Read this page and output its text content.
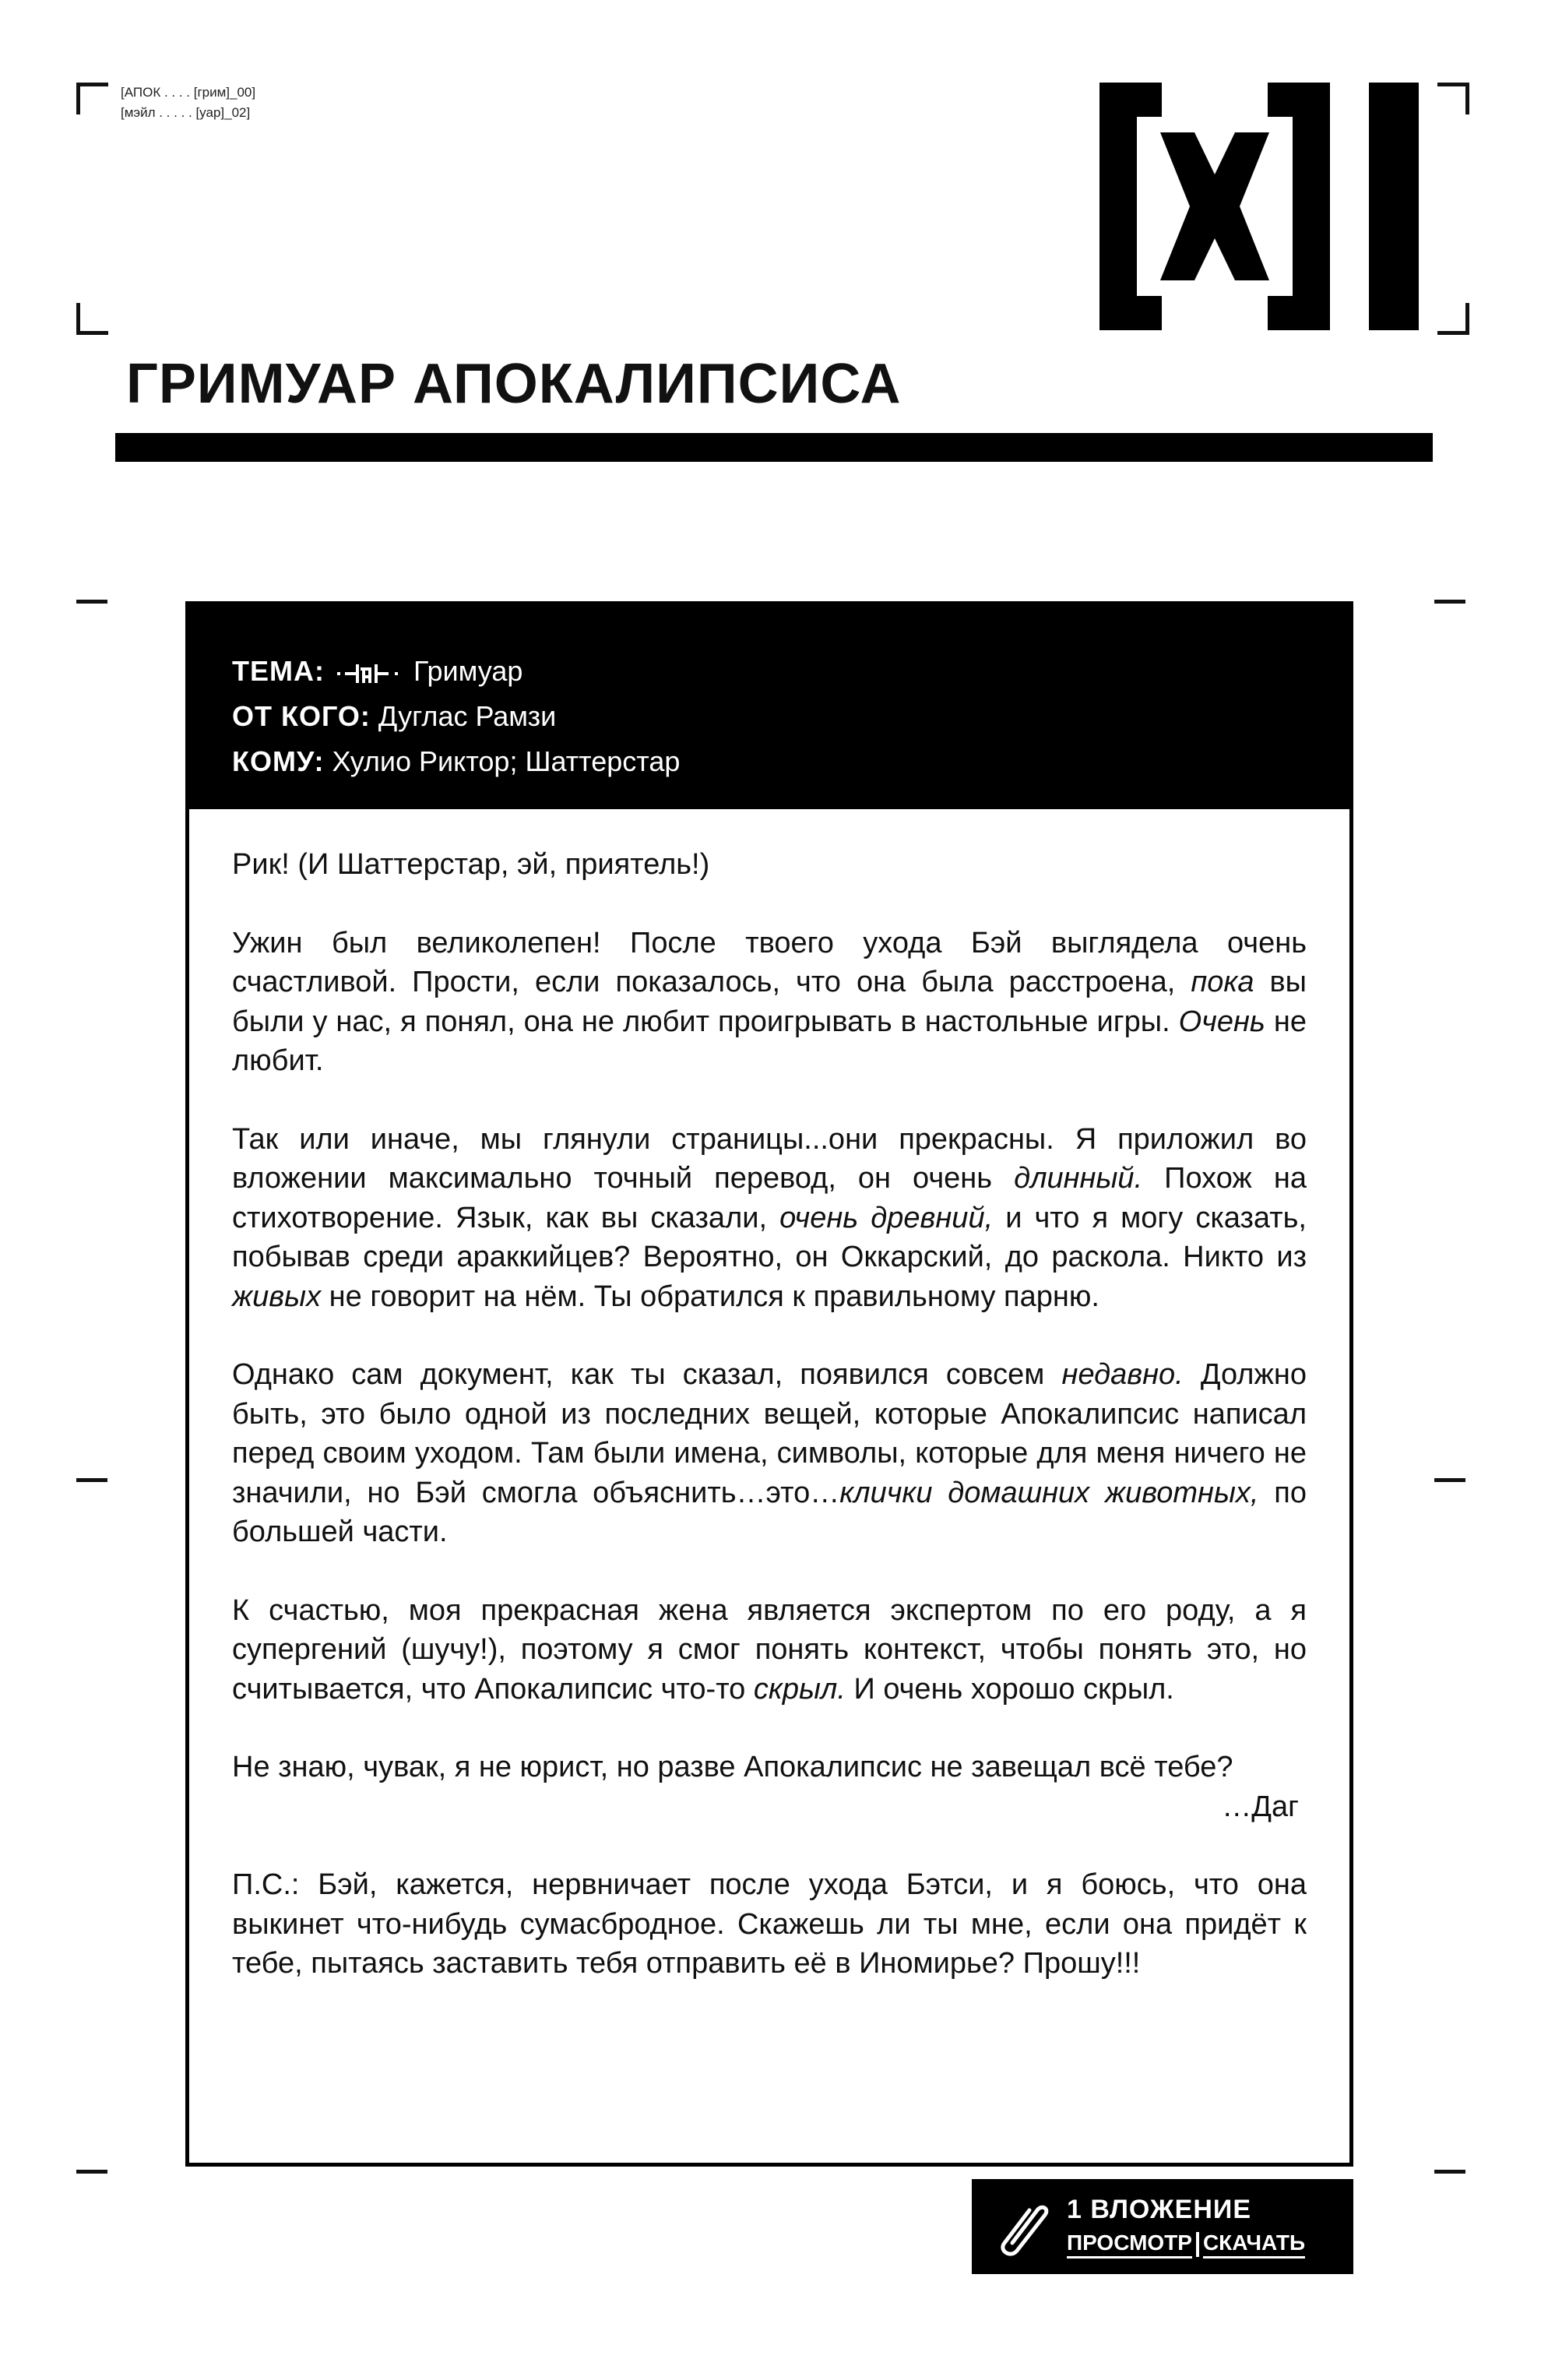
[АПОК . . . . [грим]_00]
[мэйл . . . . . [уар]_02]
ГРИМУАР АПОКАЛИПСИСА
ТЕМА:	Гримуар
ОТ КОГО: Дуглас Рамзи
КОМУ: Хулио Риктор; Шаттерстар

Рик! (И Шаттерстар, эй, приятель!)

Ужин был великолепен! После твоего ухода Бэй выглядела очень счастливой. Прости, если показалось, что она была расстроена, пока вы были у нас, я понял, она не любит проигрывать в настольные игры. Очень не любит.

Так или иначе, мы глянули страницы...они прекрасны. Я приложил во вложении максимально точный перевод, он очень длинный. Похож на стихотворение. Язык, как вы сказали, очень древний, и что я могу сказать, побывав среди араккийцев? Вероятно, он Оккарский, до раскола. Никто из живых не говорит на нём. Ты обратился к правильному парню.

Однако сам документ, как ты сказал, появился совсем недавно. Должно быть, это было одной из последних вещей, которые Апокалипсис написал перед своим уходом. Там были имена, символы, которые для меня ничего не значили, но Бэй смогла объяснить…это…клички домашних животных, по большей части.

К счастью, моя прекрасная жена является экспертом по его роду, а я супергений (шучу!), поэтому я смог понять контекст, чтобы понять это, но считывается, что Апокалипсис что-то скрыл. И очень хорошо скрыл.

Не знаю, чувак, я не юрист, но разве Апокалипсис не завещал всё тебе?

…Даг

П.С.: Бэй, кажется, нервничает после ухода Бэтси, и я боюсь, что она выкинет что-нибудь сумасбродное. Скажешь ли ты мне, если она придёт к тебе, пытаясь заставить тебя отправить её в Иномирье? Прошу!!!

1 ВЛОЖЕНИЕ
ПРОСМОТР СКАЧАТЬ
